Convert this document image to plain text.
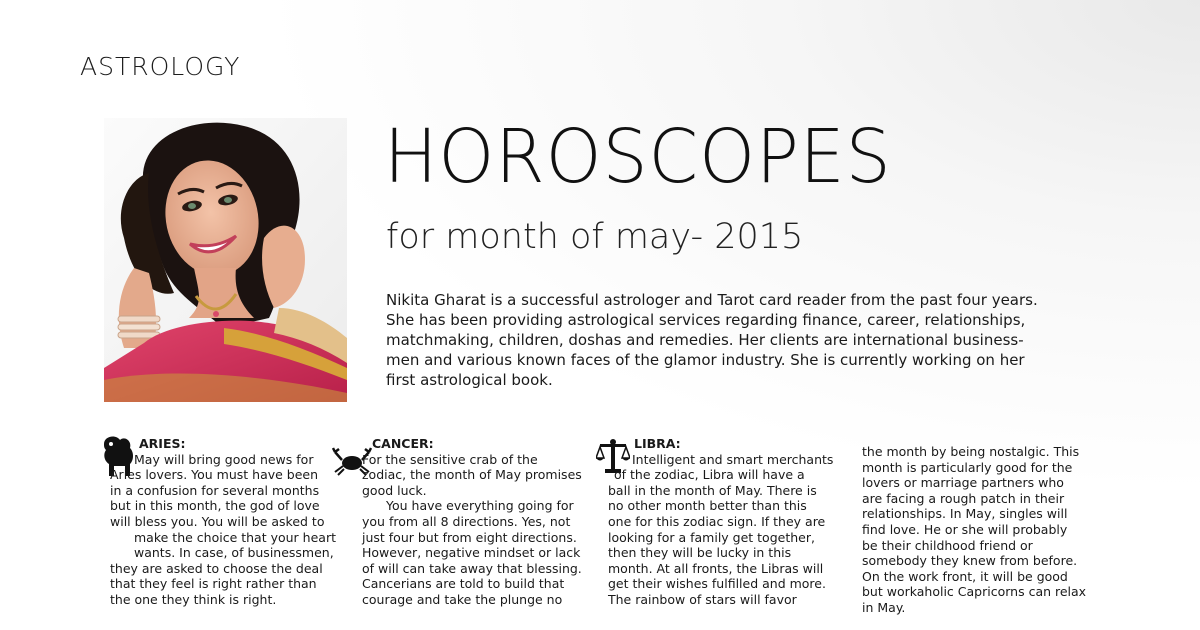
ASTROLOGY
HOROSCOPES
for month of may- 2015
Nikita Gharat is a successful astrologer and Tarot card reader from the past four years.
She has been providing astrological services regarding finance, career, relationships,
matchmaking, children, doshas and remedies. Her clients are international business-
men and various known faces of the glamor industry. She is currently working on her
first astrological book.
ARIES:
May will bring good news for
Aries lovers. You must have been
in a confusion for several months
but in this month, the god of love
will bless you. You will be asked to
make the choice that your heart
wants. In case, of businessmen,
they are asked to choose the deal
that they feel is right rather than
the one they think is right.
CANCER:
For the sensitive crab of the
zodiac, the month of May promises
good luck.
You have everything going for
you from all 8 directions. Yes, not
just four but from eight directions.
However, negative mindset or lack
of will can take away that blessing.
Cancerians are told to build that
courage and take the plunge no
LIBRA:
Intelligent and smart merchants
of the zodiac, Libra will have a
ball in the month of May. There is
no other month better than this
one for this zodiac sign. If they are
looking for a family get together,
then they will be lucky in this
month. At all fronts, the Libras will
get their wishes fulfilled and more.
The rainbow of stars will favor
the month by being nostalgic. This
month is particularly good for the
lovers or marriage partners who
are facing a rough patch in their
relationships. In May, singles will
find love. He or she will probably
be their childhood friend or
somebody they knew from before.
On the work front, it will be good
but workaholic Capricorns can relax
in May.
